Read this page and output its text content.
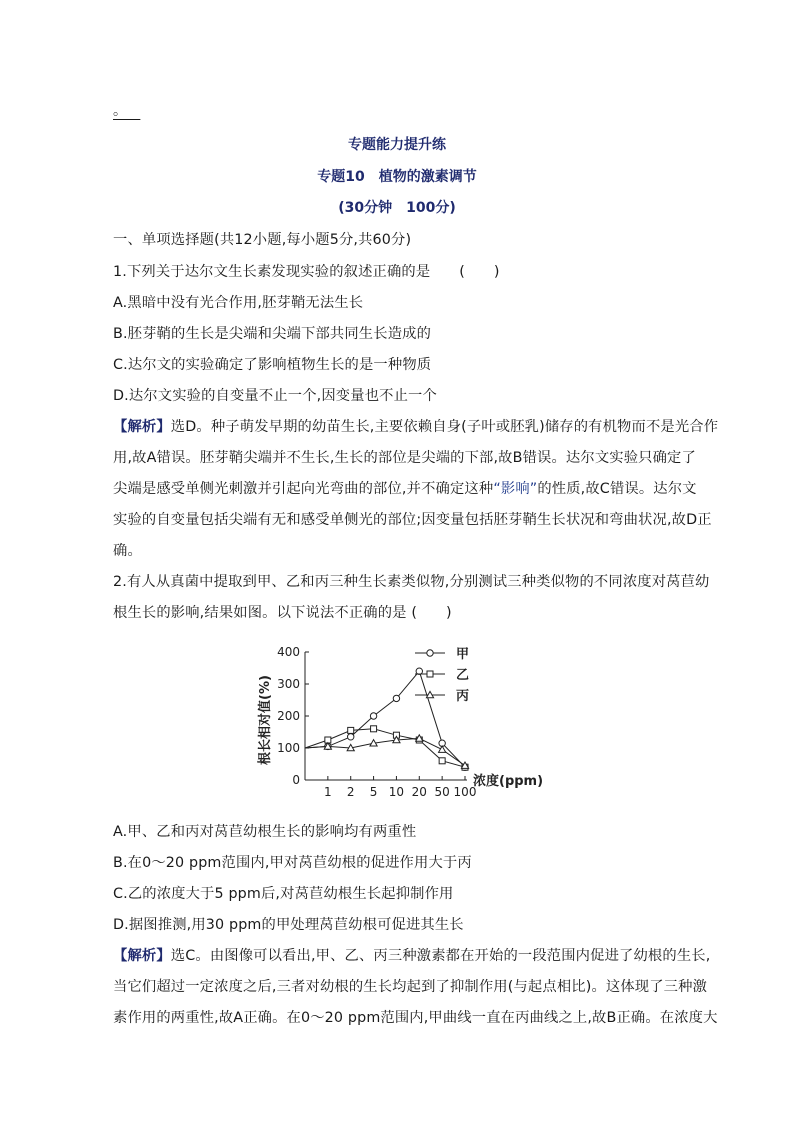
。
专题能力提升练
专题10　植物的激素调节
(30分钟　100分)
一、单项选择题(共12小题,每小题5分,共60分)
1.下列关于达尔文生长素发现实验的叙述正确的是　　(　　)
A.黑暗中没有光合作用,胚芽鞘无法生长
B.胚芽鞘的生长是尖端和尖端下部共同生长造成的
C.达尔文的实验确定了影响植物生长的是一种物质
D.达尔文实验的自变量不止一个,因变量也不止一个
【解析】选D。种子萌发早期的幼苗生长,主要依赖自身(子叶或胚乳)储存的有机物而不是光合作
用,故A错误。胚芽鞘尖端并不生长,生长的部位是尖端的下部,故B错误。达尔文实验只确定了
尖端是感受单侧光刺激并引起向光弯曲的部位,并不确定这种“影响”的性质,故C错误。达尔文
实验的自变量包括尖端有无和感受单侧光的部位;因变量包括胚芽鞘生长状况和弯曲状况,故D正
确。
2.有人从真菌中提取到甲、乙和丙三种生长素类似物,分别测试三种类似物的不同浓度对莴苣幼
根生长的影响,结果如图。以下说法不正确的是 (　　)
0
100
200
300
400
1 2 5 10 20 50 100
浓度(ppm)
根长相对值(%)
甲
乙
丙
A.甲、乙和丙对莴苣幼根生长的影响均有两重性
B.在0～20 ppm范围内,甲对莴苣幼根的促进作用大于丙
C.乙的浓度大于5 ppm后,对莴苣幼根生长起抑制作用
D.据图推测,用30 ppm的甲处理莴苣幼根可促进其生长
【解析】选C。由图像可以看出,甲、乙、丙三种激素都在开始的一段范围内促进了幼根的生长,
当它们超过一定浓度之后,三者对幼根的生长均起到了抑制作用(与起点相比)。这体现了三种激
素作用的两重性,故A正确。在0～20 ppm范围内,甲曲线一直在丙曲线之上,故B正确。在浓度大
